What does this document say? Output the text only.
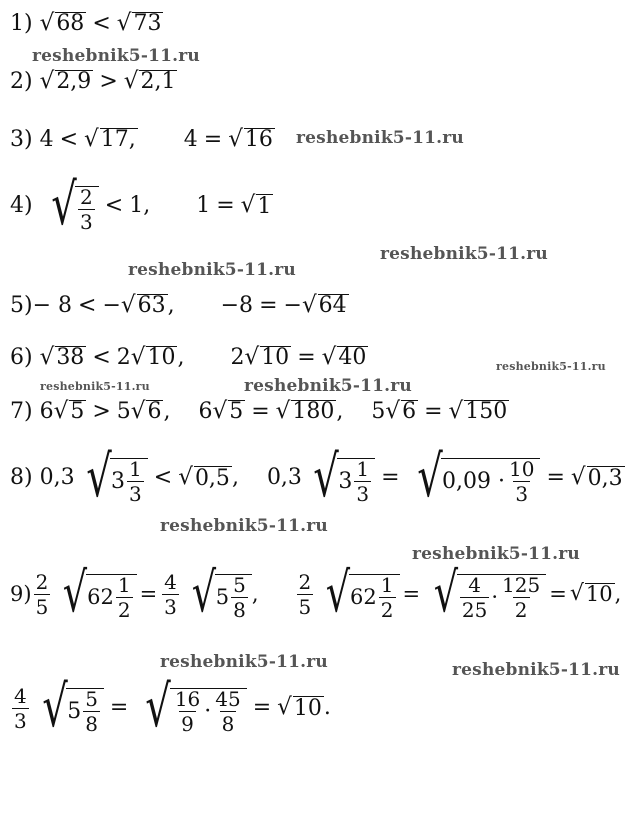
1)
√ 68 < √ 73
2)
√ 2,9 > √ 2,1
3)
4 < √ 17, 4 = √ 16
4)
√ $\frac{2}{3} < 1$, 1 = √ 1
5) − 8 < − √ 63 , −8 = − √ 64
6)
√ 38 < 2 √ 10 , 2 √ 10 = √ 40
7)
6 √ 5 > 5 √ 6 , 6 √ 5 = √ 180 , 5 √ 6 = √ 150
8)
0,3 √ $3 \frac{1}{3}$ < √ 0,5 , 0,3 √ $3 \frac{1}{3}$ = √ $0,09 \cdot \frac{10}{3}$ = √ 0,3
$9) \frac{2}{5}$ √ $62 \frac{1}{2} = \frac{4}{3}$ √ $5 \frac{5}{8}$ , $\frac{2}{5}$ √ $62 \frac{1}{2}$ = √ $\frac{4}{25} \cdot \frac{125}{2}$ = √ 10 ,
$\frac{4}{3}$ √ $5 \frac{5}{8}$ = √ $\frac{16}{9} \cdot \frac{45}{8}$ = √ 10 .
reshebnik5-11.ru
reshebnik5-11.ru
reshebnik5-11.ru
reshebnik5-11.ru
reshebnik5-11.ru
reshebnik5-11.ru	reshebnik5-11.ru
reshebnik5-11.ru
reshebnik5-11.ru
reshebnik5-11.ru	reshebnik5-11.ru
